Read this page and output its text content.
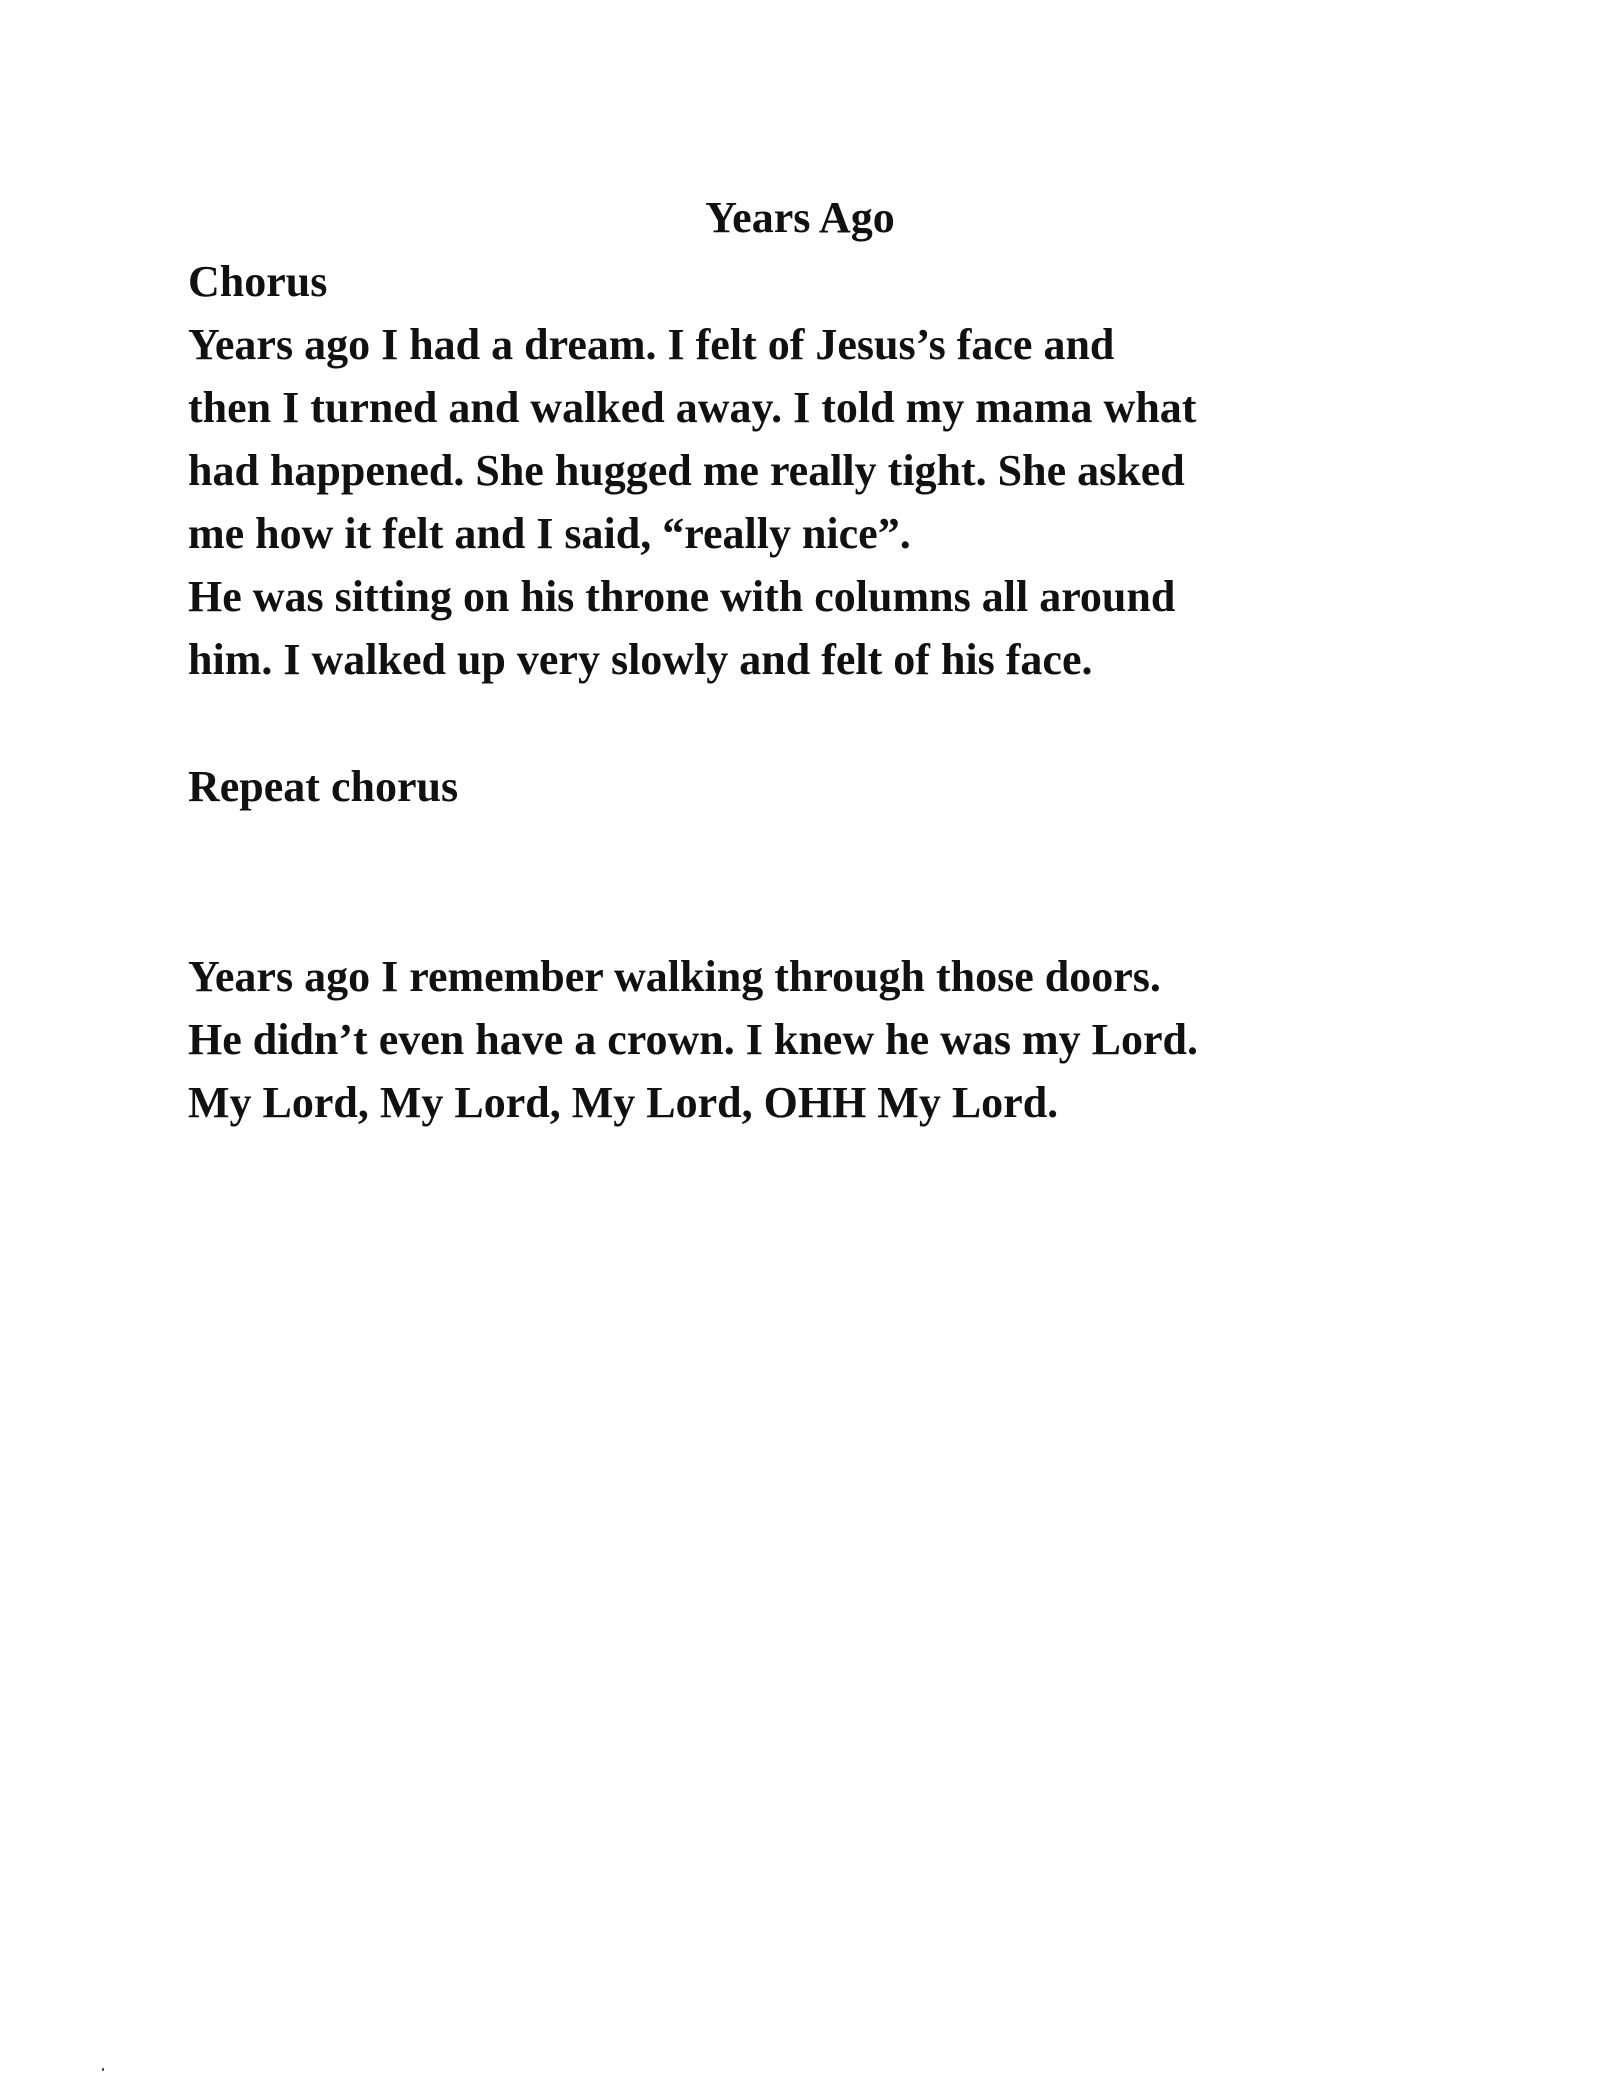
Years Ago
Chorus
Years ago I had a dream. I felt of Jesus’s face and
then I turned and walked away. I told my mama what
had happened. She hugged me really tight. She asked
me how it felt and I said, “really nice”.
He was sitting on his throne with columns all around
him. I walked up very slowly and felt of his face.
Repeat chorus
Years ago I remember walking through those doors.
He didn’t even have a crown. I knew he was my Lord.
My Lord, My Lord, My Lord, OHH My Lord.
